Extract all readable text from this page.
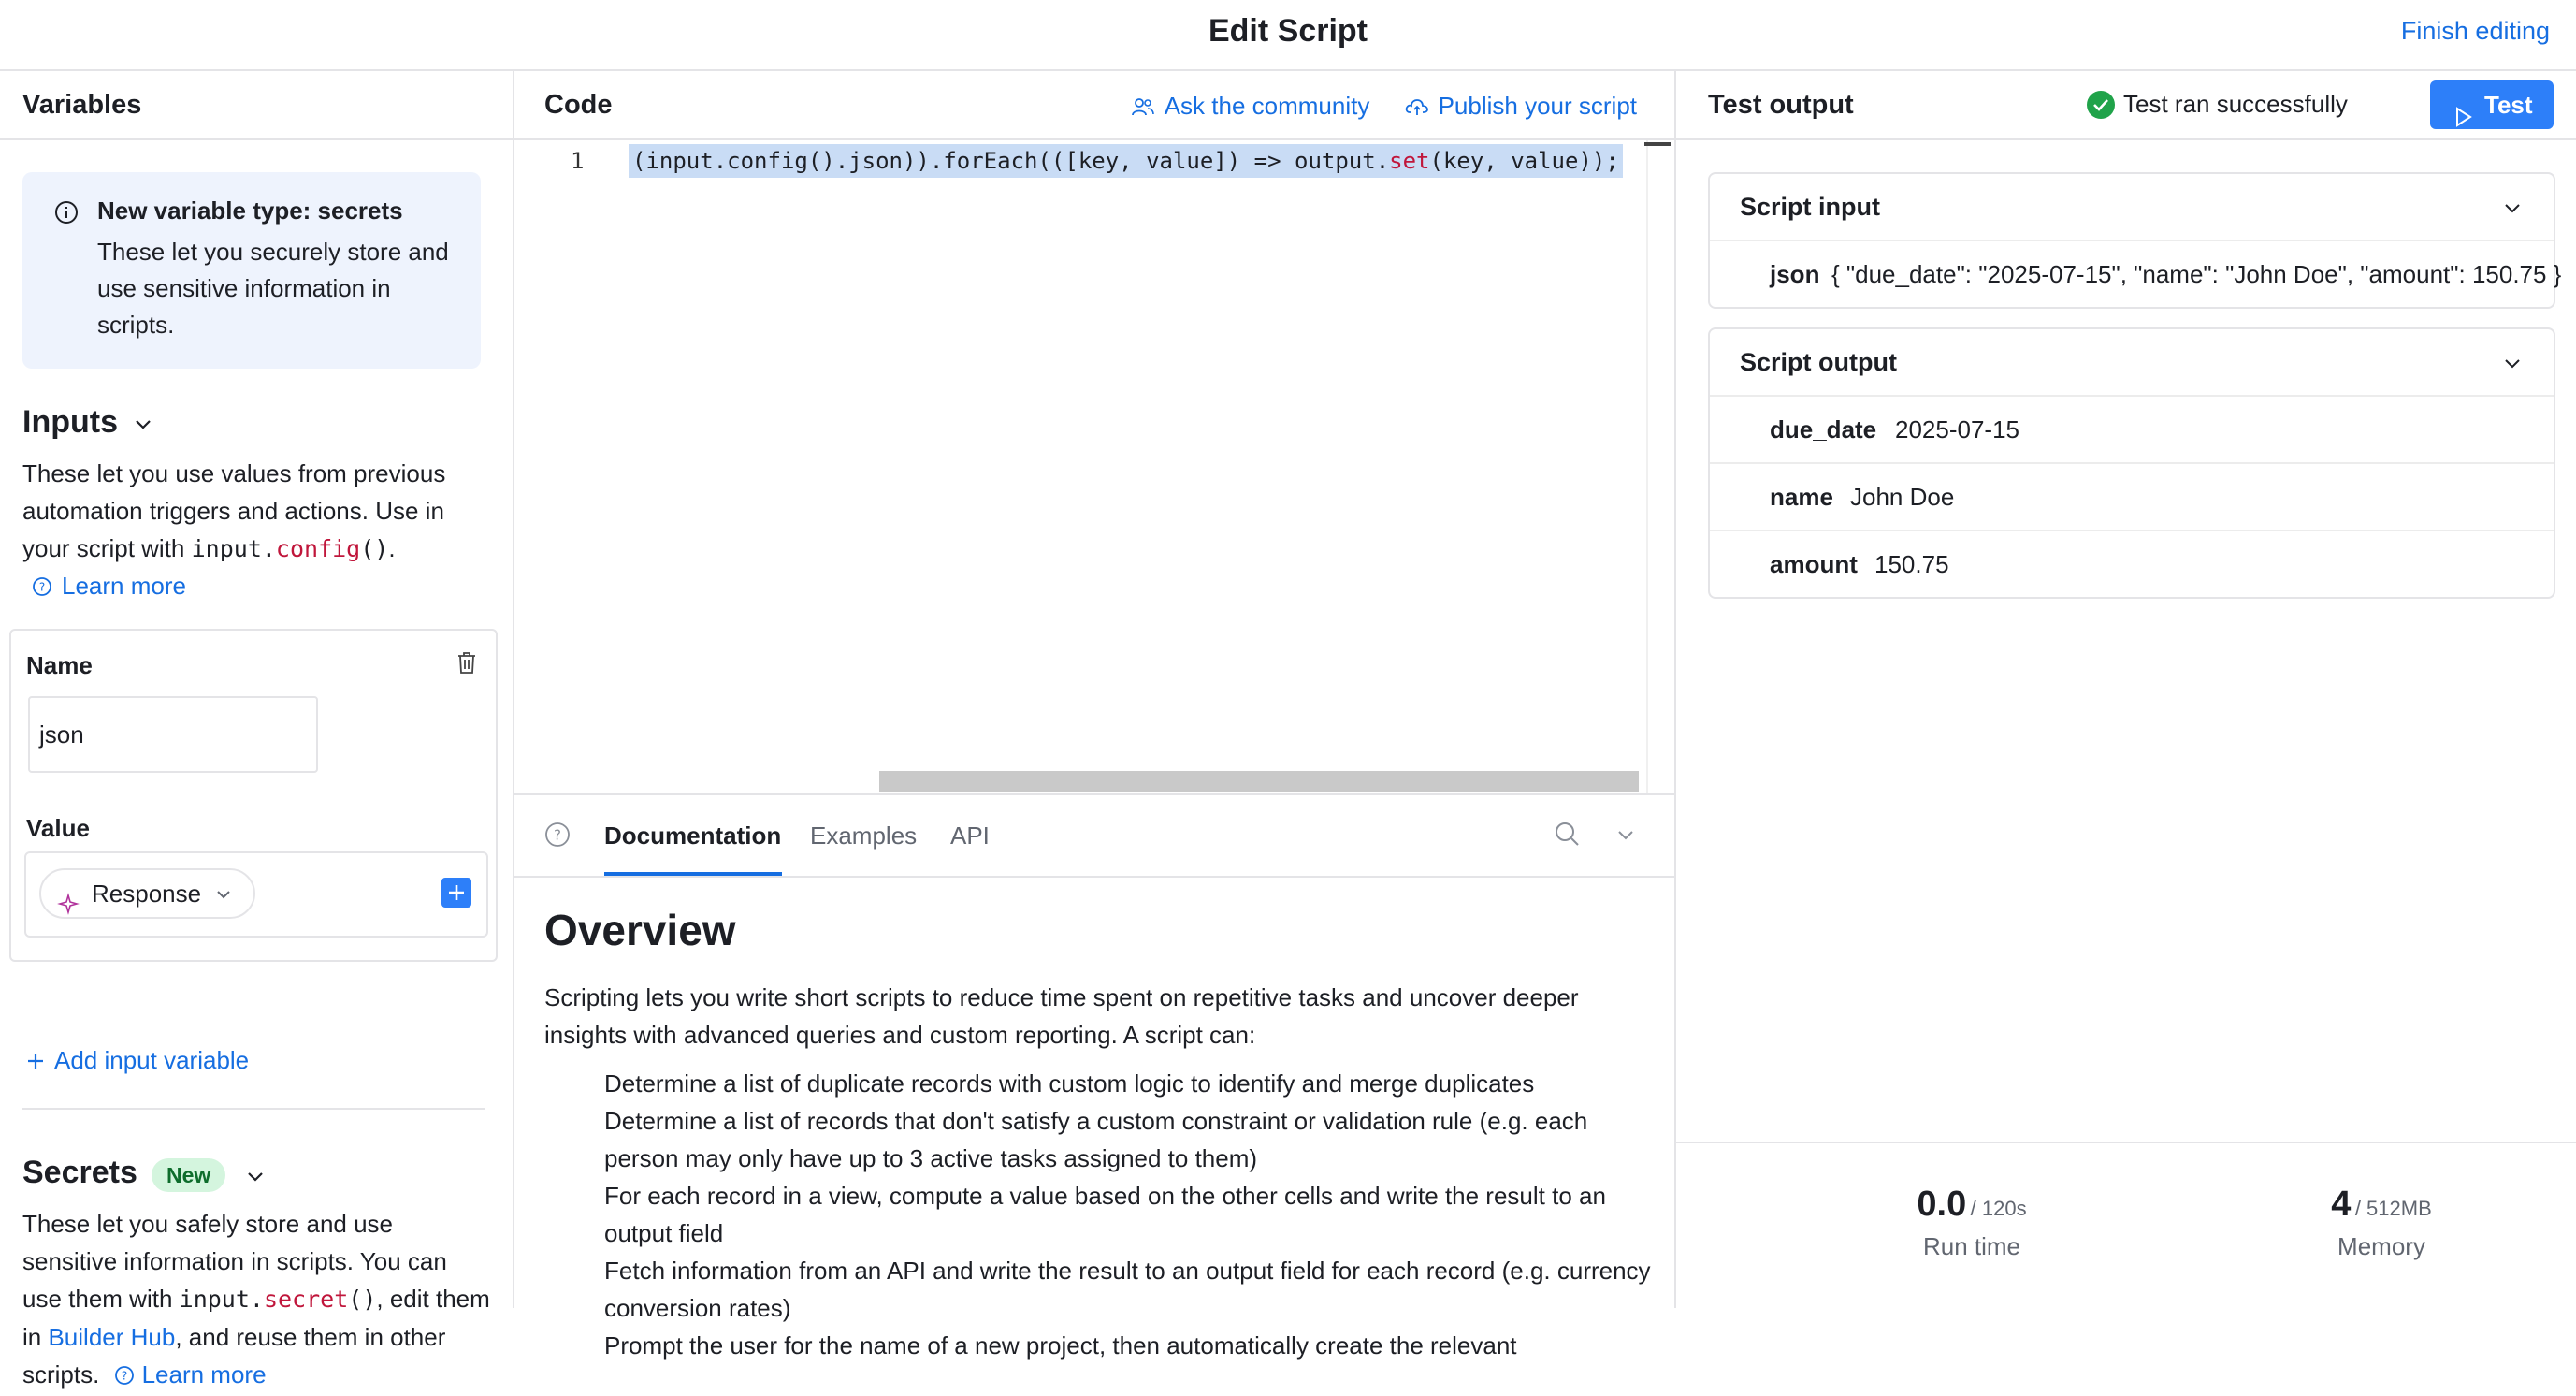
Edit Script	Finish editing
Variables
New variable type: secrets
These let you securely store and use sensitive information in scripts.
Inputs
These let you use values from previous automation triggers and actions. Use in your script with input.config().
? Learn more
Name
json
Value
Response
Add input variable
Secrets	New
These let you safely store and use sensitive information in scripts. You can use them with input.secret(), edit them in Builder Hub, and reuse them in other scripts. ? Learn more
Code	Ask the community	Publish your script
1 (input.config().json)).forEach(([key, value]) => output.set(key, value));
? Documentation Examples API
Overview
Scripting lets you write short scripts to reduce time spent on repetitive tasks and uncover deeper insights with advanced queries and custom reporting. A script can:
Determine a list of duplicate records with custom logic to identify and merge duplicates
Determine a list of records that don't satisfy a custom constraint or validation rule (e.g. each person may only have up to 3 active tasks assigned to them)
For each record in a view, compute a value based on the other cells and write the result to an output field
Fetch information from an API and write the result to an output field for each record (e.g. currency conversion rates)
Prompt the user for the name of a new project, then automatically create the relevant
Test output	Test ran successfully	Test
Script input
json { "due_date": "2025-07-15", "name": "John Doe", "amount": 150.75 }
Script output
due_date 2025-07-15
name John Doe
amount 150.75
0.0 / 120s
Run time
4 / 512MB
Memory
